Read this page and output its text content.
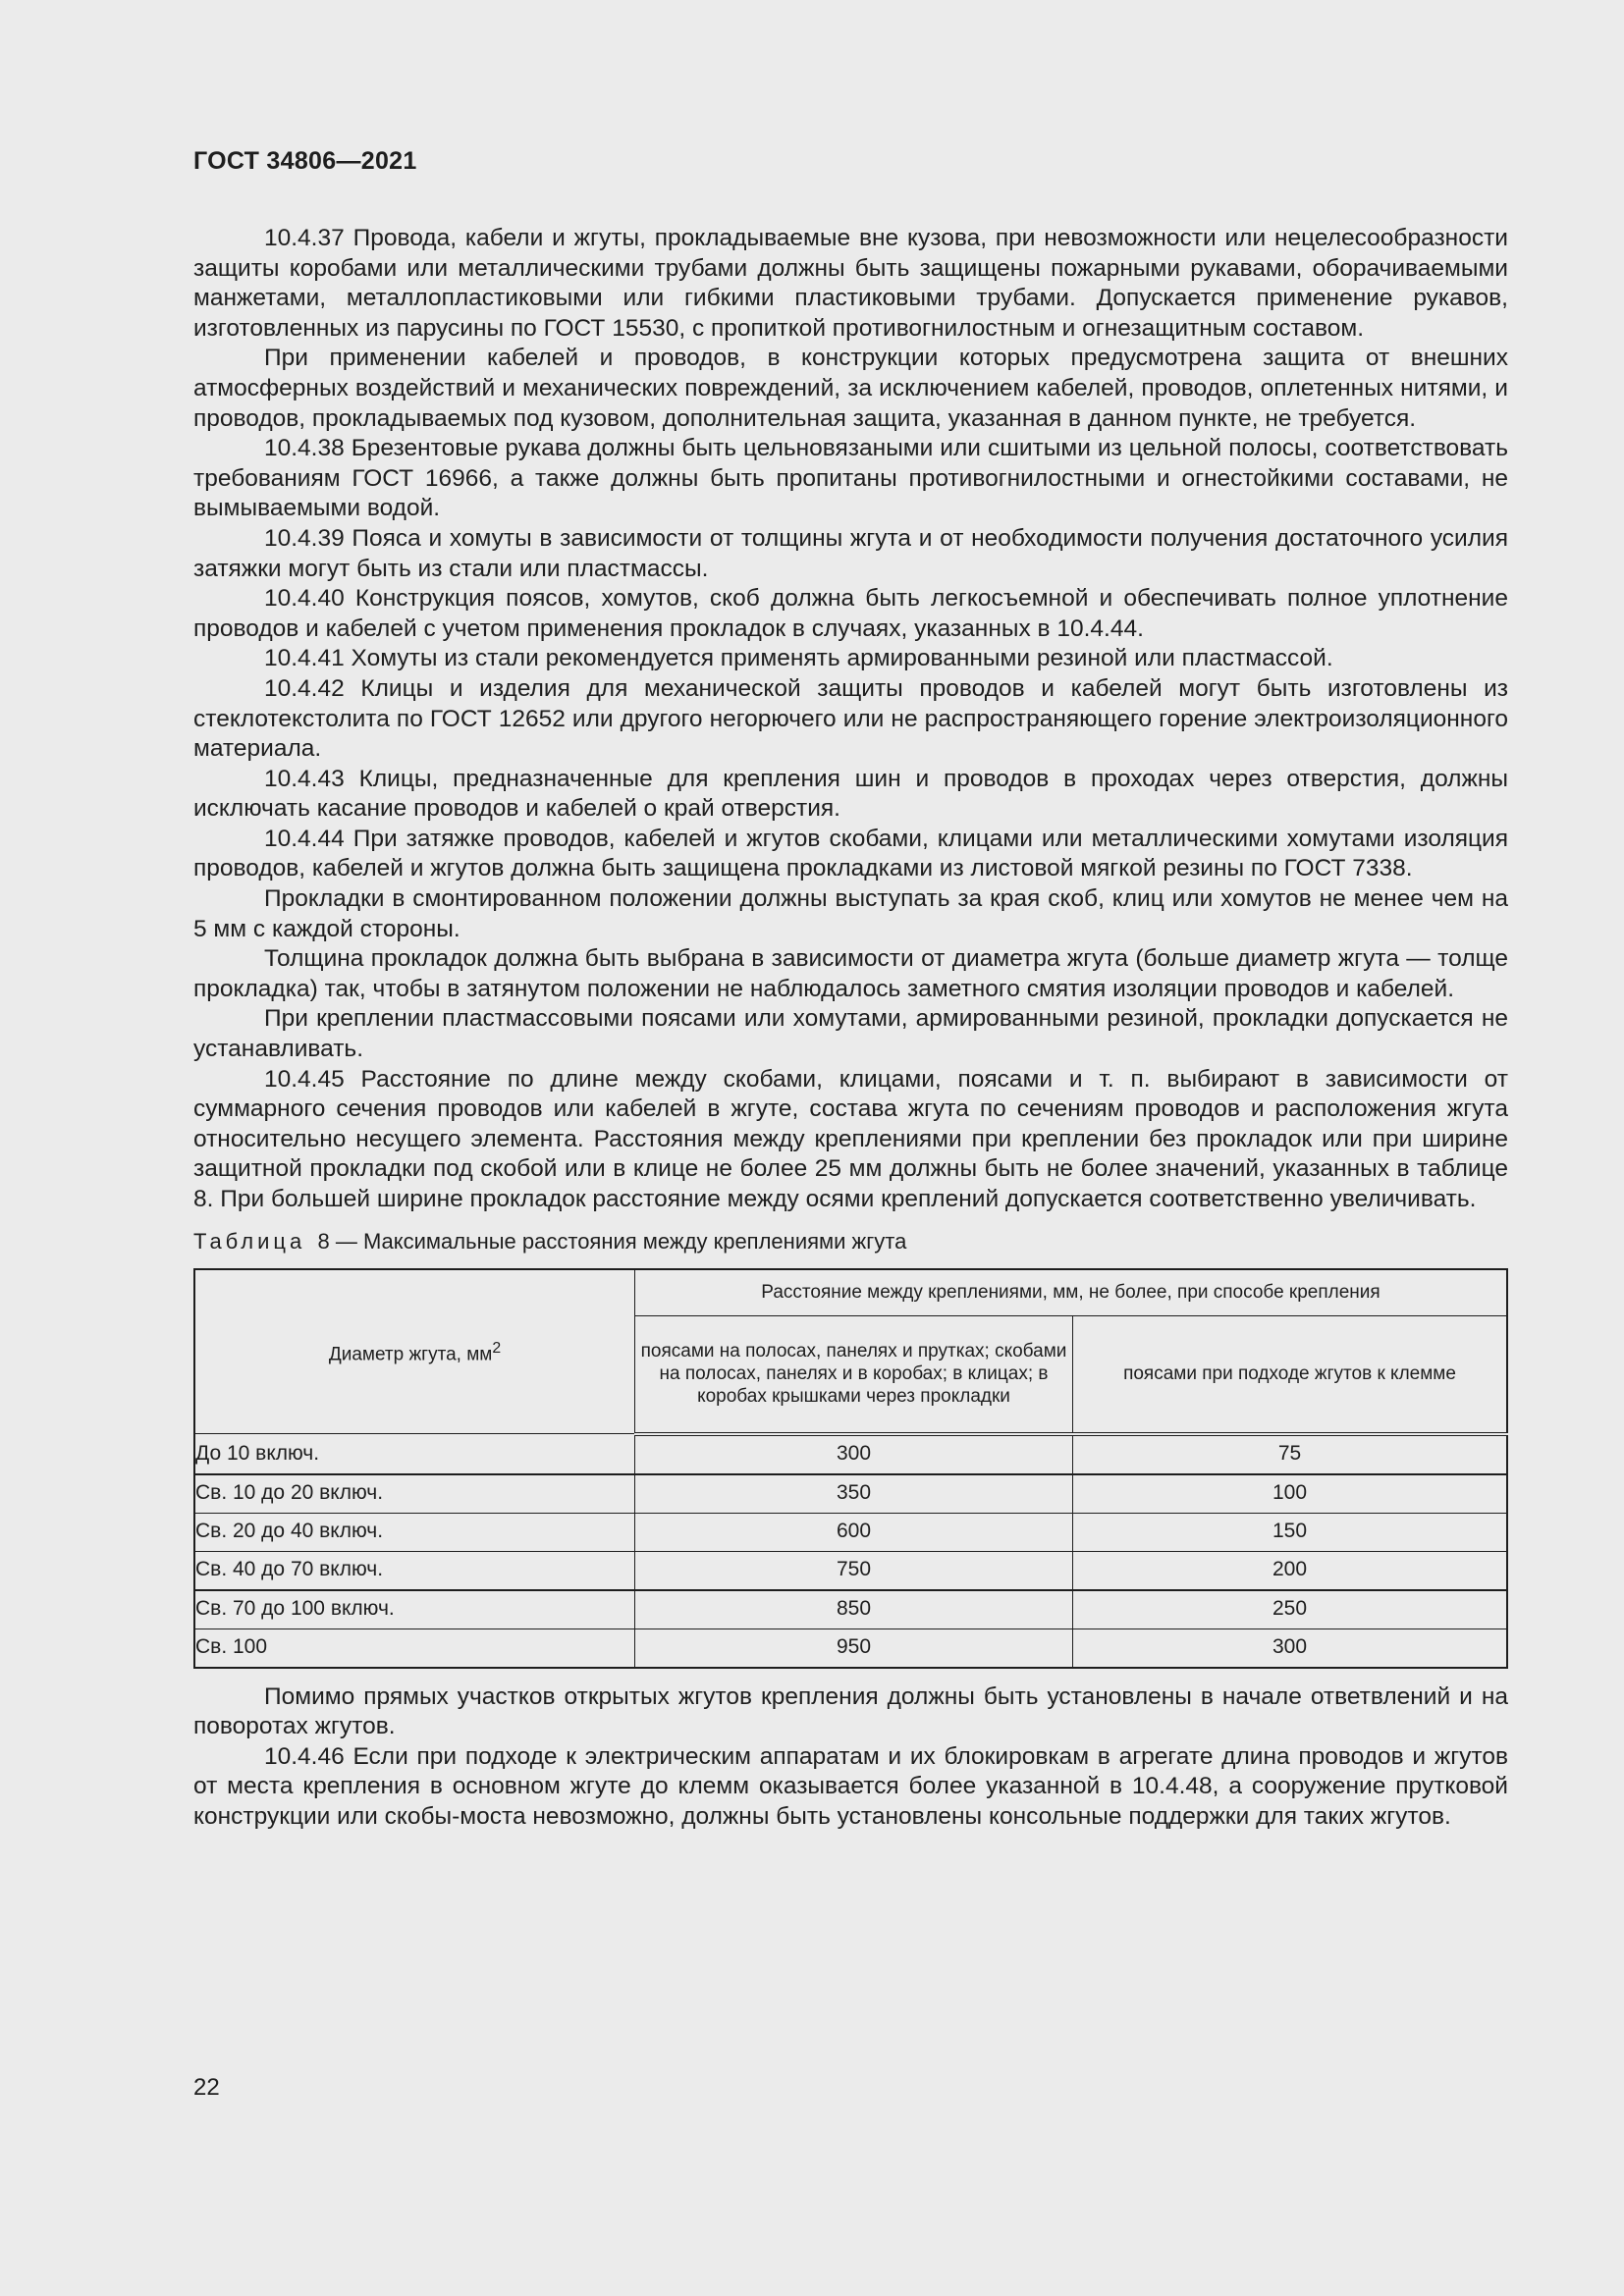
ГОСТ 34806—2021

10.4.37 Провода, кабели и жгуты, прокладываемые вне кузова, при невозможности или нецелесообразности защиты коробами или металлическими трубами должны быть защищены пожарными рукавами, оборачиваемыми манжетами, металлопластиковыми или гибкими пластиковыми трубами. Допускается применение рукавов, изготовленных из парусины по ГОСТ 15530, с пропиткой противогнилостным и огнезащитным составом.

При применении кабелей и проводов, в конструкции которых предусмотрена защита от внешних атмосферных воздействий и механических повреждений, за исключением кабелей, проводов, оплетенных нитями, и проводов, прокладываемых под кузовом, дополнительная защита, указанная в данном пункте, не требуется.

10.4.38 Брезентовые рукава должны быть цельновязаными или сшитыми из цельной полосы, соответствовать требованиям ГОСТ 16966, а также должны быть пропитаны противогнилостными и огнестойкими составами, не вымываемыми водой.

10.4.39 Пояса и хомуты в зависимости от толщины жгута и от необходимости получения достаточного усилия затяжки могут быть из стали или пластмассы.

10.4.40 Конструкция поясов, хомутов, скоб должна быть легкосъемной и обеспечивать полное уплотнение проводов и кабелей с учетом применения прокладок в случаях, указанных в 10.4.44.

10.4.41 Хомуты из стали рекомендуется применять армированными резиной или пластмассой.

10.4.42 Клицы и изделия для механической защиты проводов и кабелей могут быть изготовлены из стеклотекстолита по ГОСТ 12652 или другого негорючего или не распространяющего горение электроизоляционного материала.

10.4.43 Клицы, предназначенные для крепления шин и проводов в проходах через отверстия, должны исключать касание проводов и кабелей о край отверстия.

10.4.44 При затяжке проводов, кабелей и жгутов скобами, клицами или металлическими хомутами изоляция проводов, кабелей и жгутов должна быть защищена прокладками из листовой мягкой резины по ГОСТ 7338.

Прокладки в смонтированном положении должны выступать за края скоб, клиц или хомутов не менее чем на 5 мм с каждой стороны.

Толщина прокладок должна быть выбрана в зависимости от диаметра жгута (больше диаметр жгута — толще прокладка) так, чтобы в затянутом положении не наблюдалось заметного смятия изоляции проводов и кабелей.

При креплении пластмассовыми поясами или хомутами, армированными резиной, прокладки допускается не устанавливать.

10.4.45 Расстояние по длине между скобами, клицами, поясами и т. п. выбирают в зависимости от суммарного сечения проводов или кабелей в жгуте, состава жгута по сечениям проводов и расположения жгута относительно несущего элемента. Расстояния между креплениями при креплении без прокладок или при ширине защитной прокладки под скобой или в клице не более 25 мм должны быть не более значений, указанных в таблице 8. При большей ширине прокладок расстояние между осями креплений допускается соответственно увеличивать.

Таблица 8 — Максимальные расстояния между креплениями жгута
Диаметр жгута, $мм^2$	Расстояние между креплениями, мм, не более, при способе крепления	
	поясами на полосах, панелях и прутках; скобами на полосах, панелях и в коробах; в клицах; в коробах крышками через прокладки	поясами при подходе жгутов к клемме
До 10 включ.	300	75
Св. 10 до 20 включ.	350	100
Св. 20 до 40 включ.	600	150
Св. 40 до 70 включ.	750	200
Св. 70 до 100 включ.	850	250
Св. 100	950	300

Помимо прямых участков открытых жгутов крепления должны быть установлены в начале ответвлений и на поворотах жгутов.

10.4.46 Если при подходе к электрическим аппаратам и их блокировкам в агрегате длина проводов и жгутов от места крепления в основном жгуте до клемм оказывается более указанной в 10.4.48, а сооружение прутковой конструкции или скобы-моста невозможно, должны быть установлены консольные поддержки для таких жгутов.

22
